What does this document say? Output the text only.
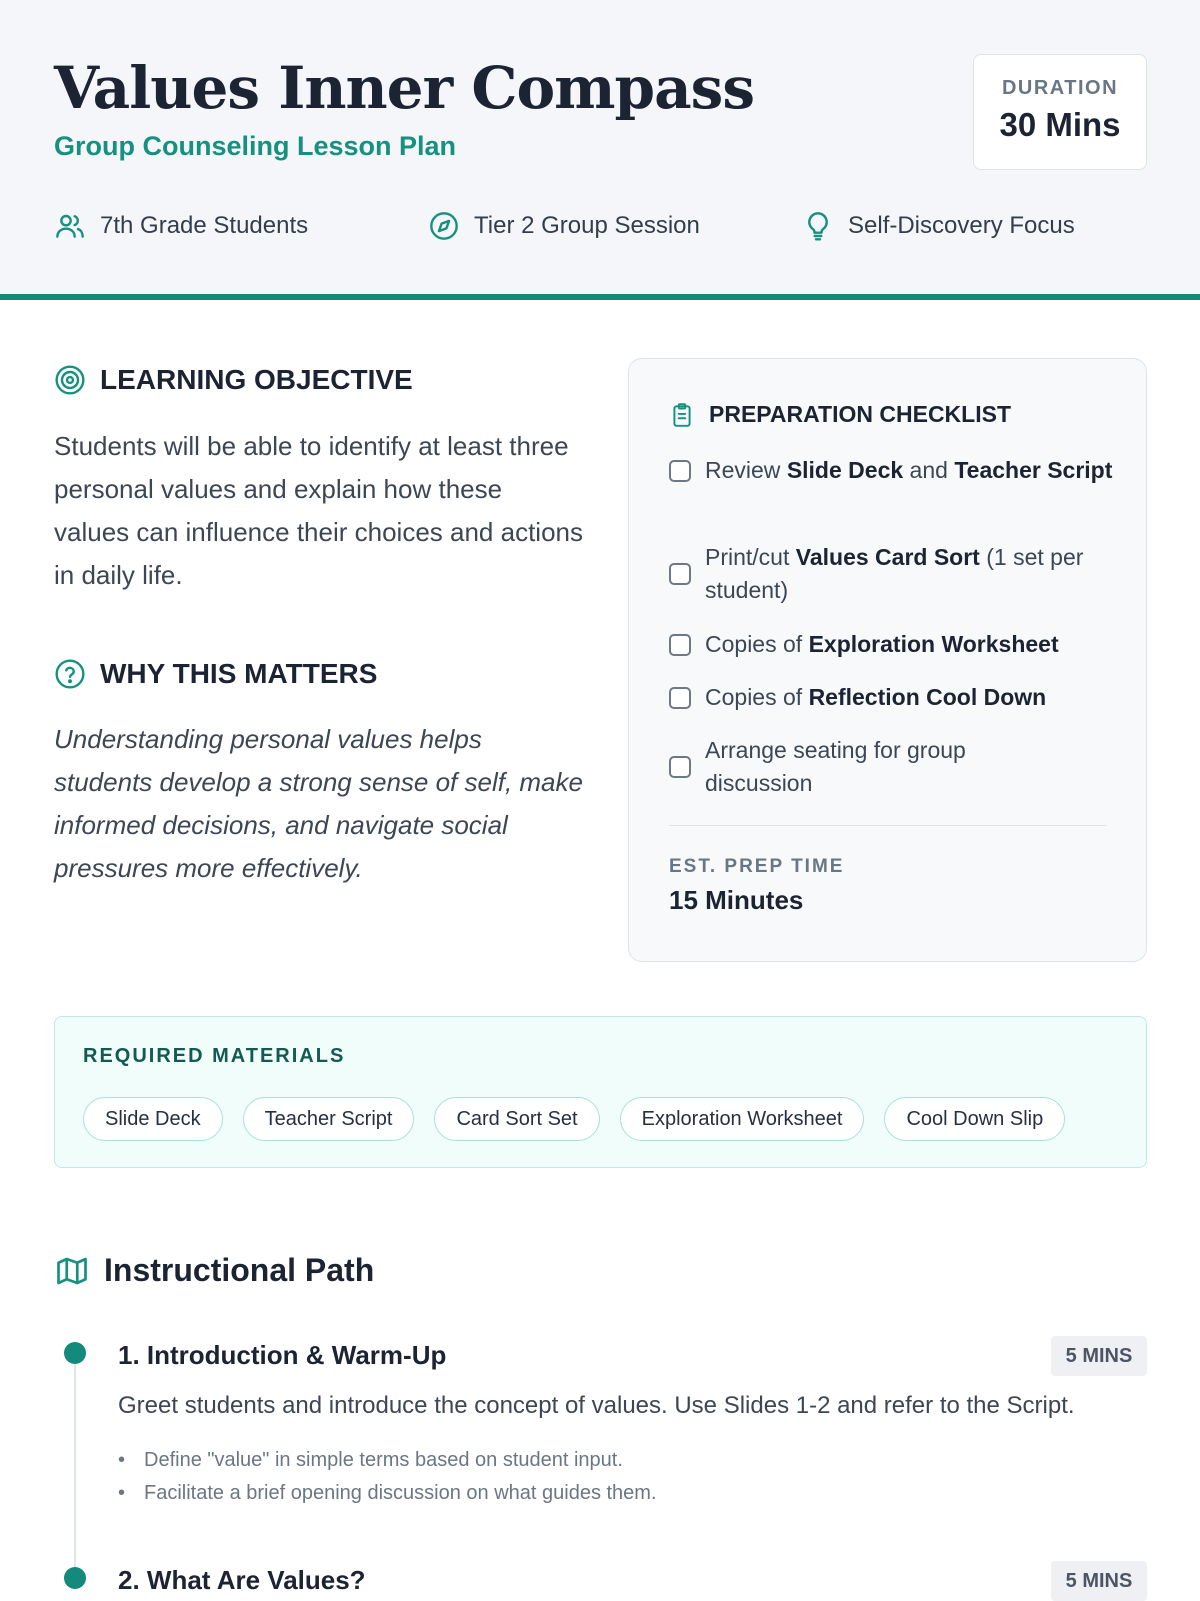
Values Inner Compass
Group Counseling Lesson Plan
DURATION
30 Mins
7th Grade Students	Tier 2 Group Session	Self-Discovery Focus
LEARNING OBJECTIVE
Students will be able to identify at least three personal values and explain how these values can influence their choices and actions in daily life.
WHY THIS MATTERS
Understanding personal values helps students develop a strong sense of self, make informed decisions, and navigate social pressures more effectively.
PREPARATION CHECKLIST
Review Slide Deck and Teacher Script
Print/cut Values Card Sort (1 set per student)
Copies of Exploration Worksheet
Copies of Reflection Cool Down
Arrange seating for group discussion
EST. PREP TIME
15 Minutes
REQUIRED MATERIALS
Slide Deck	Teacher Script	Card Sort Set	Exploration Worksheet	Cool Down Slip
Instructional Path
1. Introduction & Warm-Up	5 MINS
Greet students and introduce the concept of values. Use Slides 1-2 and refer to the Script.
• Define "value" in simple terms based on student input.
• Facilitate a brief opening discussion on what guides them.
2. What Are Values?	5 MINS
